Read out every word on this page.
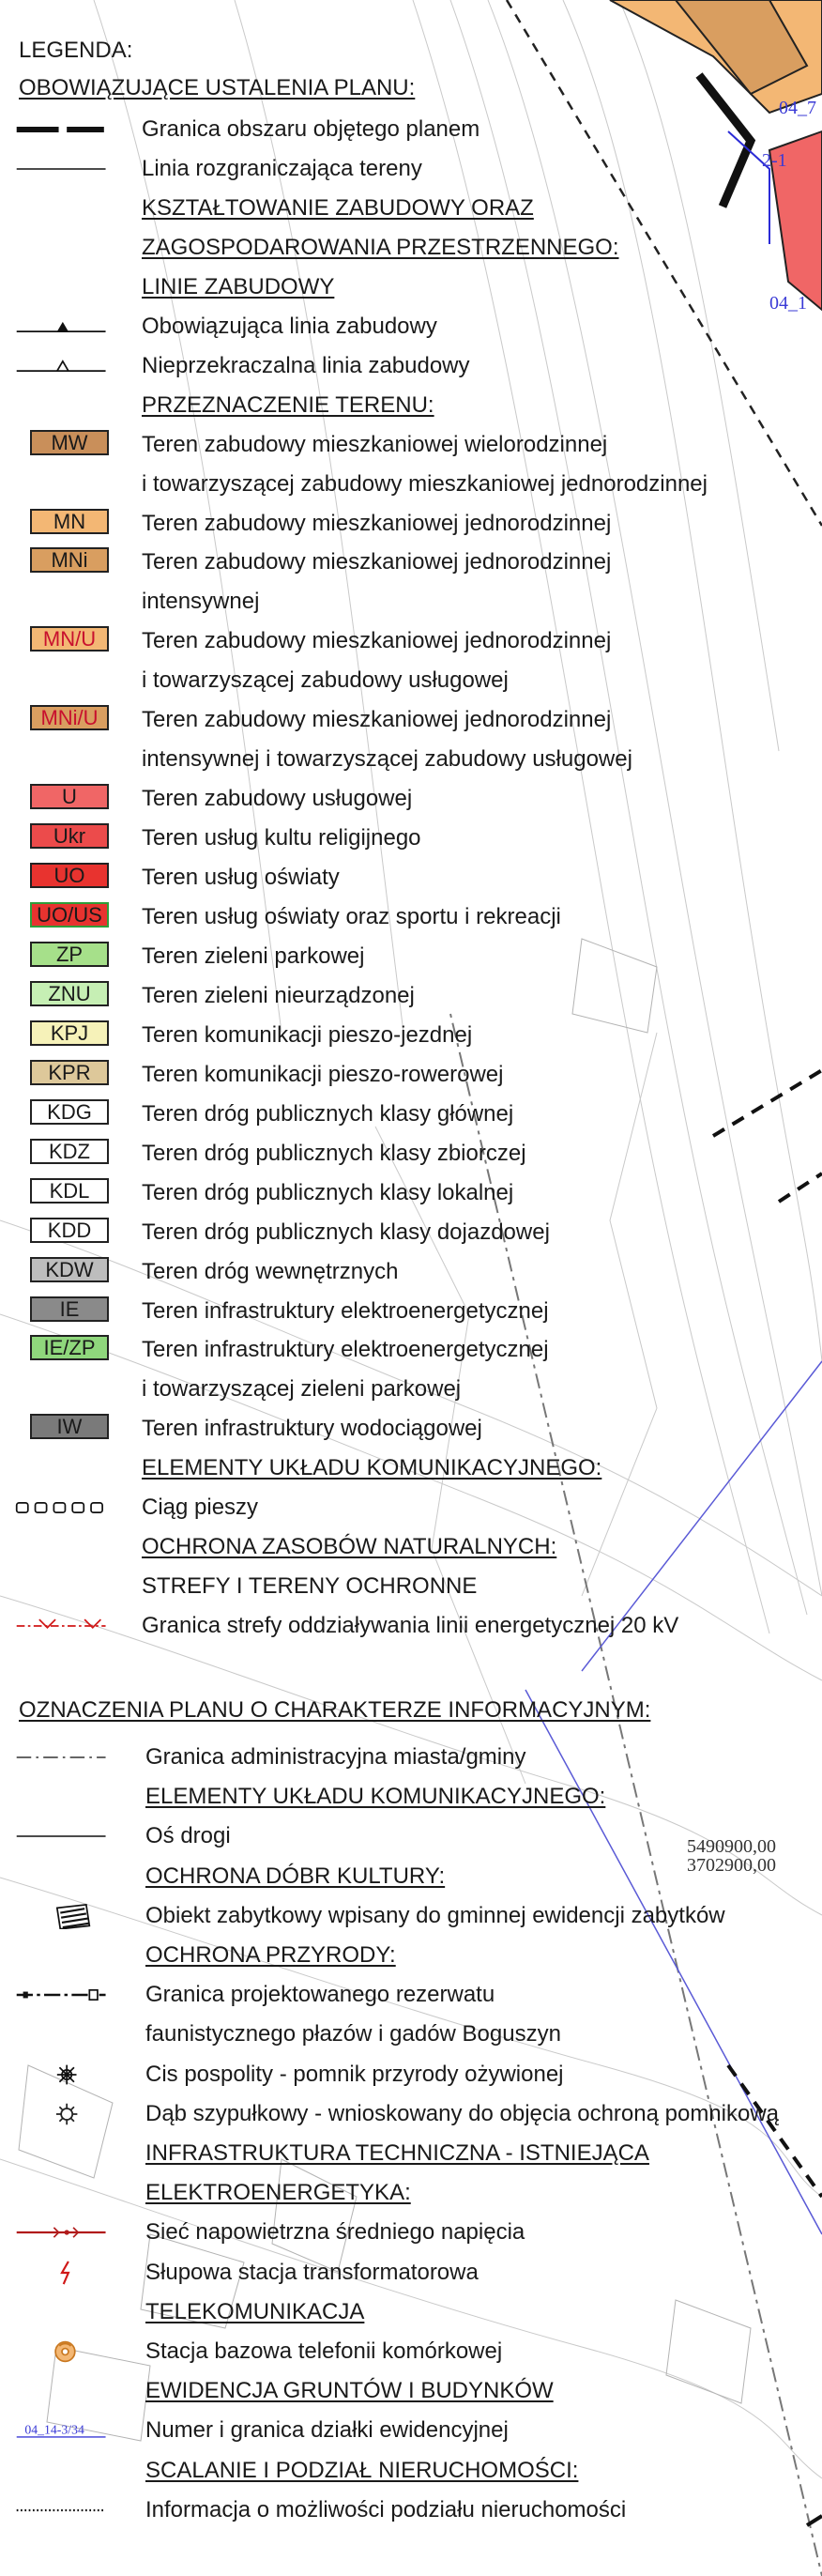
04_7
2-1
04_1
5490900,00
3702900,00
LEGENDA:
OBOWIĄZUJĄCE USTALENIA PLANU:
Granica obszaru objętego planem
Linia rozgraniczająca tereny
KSZTAŁTOWANIE ZABUDOWY ORAZ
ZAGOSPODAROWANIA PRZESTRZENNEGO:
LINIE ZABUDOWY
Obowiązująca linia zabudowy
Nieprzekraczalna linia zabudowy
PRZEZNACZENIE TERENU:
MW	Teren zabudowy mieszkaniowej wielorodzinnej
i towarzyszącej zabudowy mieszkaniowej jednorodzinnej
MN	Teren zabudowy mieszkaniowej jednorodzinnej
MNi	Teren zabudowy mieszkaniowej jednorodzinnej
intensywnej
MN/U	Teren zabudowy mieszkaniowej jednorodzinnej
i towarzyszącej zabudowy usługowej
MNi/U	Teren zabudowy mieszkaniowej jednorodzinnej
intensywnej i towarzyszącej zabudowy usługowej
U	Teren zabudowy usługowej
Ukr	Teren usług kultu religijnego
UO	Teren usług oświaty
UO/US Teren usług oświaty oraz sportu i rekreacji
ZP	Teren zieleni parkowej
ZNU	Teren zieleni nieurządzonej
KPJ	Teren komunikacji pieszo-jezdnej
KPR	Teren komunikacji pieszo-rowerowej
KDG	Teren dróg publicznych klasy głównej
KDZ	Teren dróg publicznych klasy zbiorczej
KDL	Teren dróg publicznych klasy lokalnej
KDD	Teren dróg publicznych klasy dojazdowej
KDW	Teren dróg wewnętrznych
IE	Teren infrastruktury elektroenergetycznej
IE/ZP	Teren infrastruktury elektroenergetycznej
i towarzyszącej zieleni parkowej
IW	Teren infrastruktury wodociągowej
ELEMENTY UKŁADU KOMUNIKACYJNEGO:
Ciąg pieszy
OCHRONA ZASOBÓW NATURALNYCH:
STREFY I TERENY OCHRONNE
Granica strefy oddziaływania linii energetycznej 20 kV
OZNACZENIA PLANU O CHARAKTERZE INFORMACYJNYM:
Granica administracyjna miasta/gminy
ELEMENTY UKŁADU KOMUNIKACYJNEGO:
Oś drogi
OCHRONA DÓBR KULTURY:
Obiekt zabytkowy wpisany do gminnej ewidencji zabytków
OCHRONA PRZYRODY:
Granica projektowanego rezerwatu
faunistycznego płazów i gadów Boguszyn
Cis pospolity - pomnik przyrody ożywionej
Dąb szypułkowy - wnioskowany do objęcia ochroną pomnikową
INFRASTRUKTURA TECHNICZNA - ISTNIEJĄCA
ELEKTROENERGETYKA:
Sieć napowietrzna średniego napięcia
Słupowa stacja transformatorowa
TELEKOMUNIKACJA
Stacja bazowa telefonii komórkowej
EWIDENCJA GRUNTÓW I BUDYNKÓW
04_14-3/34	Numer i granica działki ewidencyjnej
SCALANIE I PODZIAŁ NIERUCHOMOŚCI:
Informacja o możliwości podziału nieruchomości
